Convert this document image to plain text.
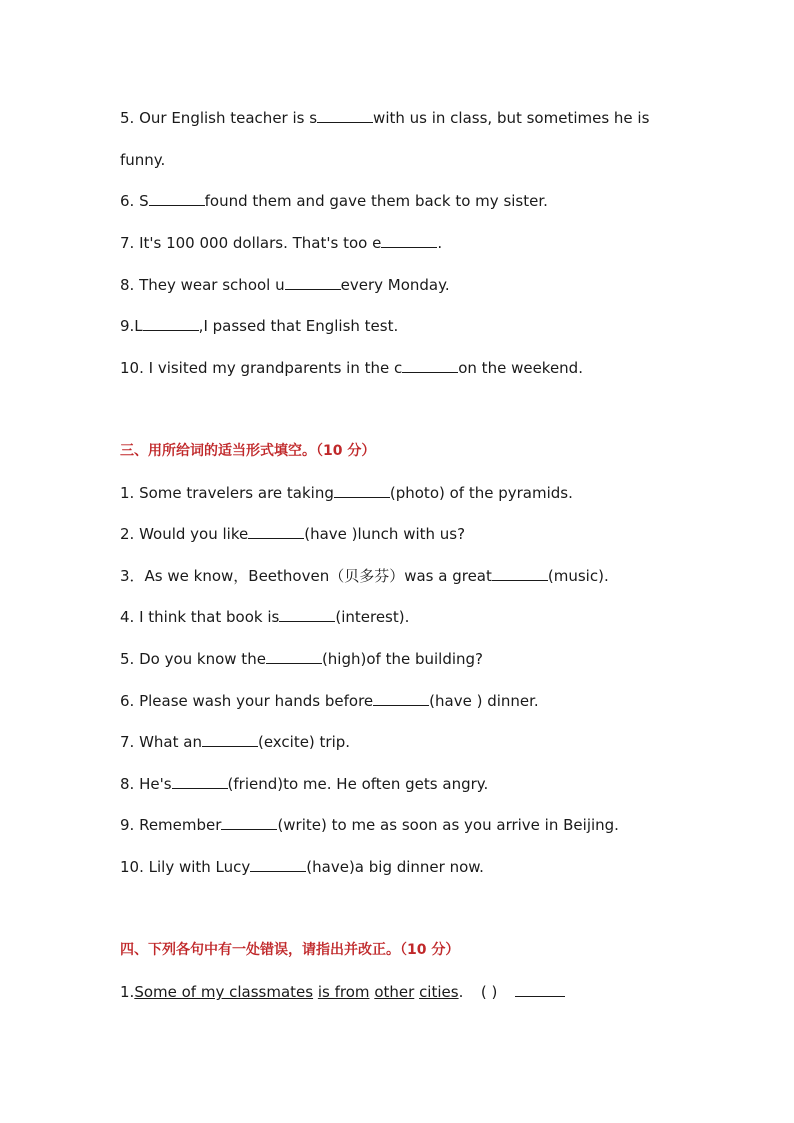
5. Our English teacher is s	with us in class, but sometimes he is
funny.
6. S	found them and gave them back to my sister.
7. It's 100 000 dollars. That's too e	.
8. They wear school u	every Monday.
9.L	,I passed that English test.
10. I visited my grandparents in the c	on the weekend.
三、用所给词的适当形式填空。（10 分）
1. Some travelers are taking	(photo) of the pyramids.
2. Would you like	(have )lunch with us?
3．As we know，Beethoven（贝多芬）was a great	(music).
4. I think that book is	(interest).
5. Do you know the	(high)of the building?
6. Please wash your hands before	(have ) dinner.
7. What an	(excite) trip.
8. He's	(friend)to me. He often gets angry.
9. Remember	(write) to me as soon as you arrive in Beijing.
10. Lily with Lucy	(have)a big dinner now.
四、下列各句中有一处错误，请指出并改正。（10 分）
1.Some of my classmates is from other cities. ( )
